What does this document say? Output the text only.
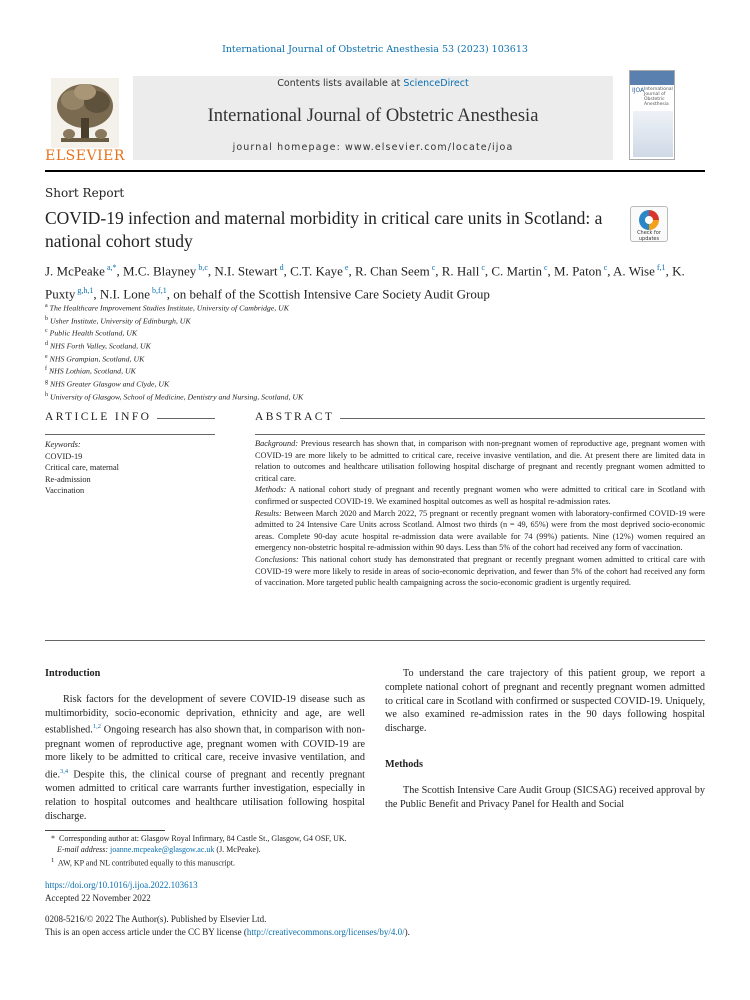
International Journal of Obstetric Anesthesia 53 (2023) 103613
ELSEVIER
Contents lists available at ScienceDirect
International Journal of Obstetric Anesthesia
journal homepage: www.elsevier.com/locate/ijoa
IJOA International Journal of Obstetric Anesthesia
Short Report
COVID-19 infection and maternal morbidity in critical care units in Scotland: a national cohort study	Check for updates
J. McPeake $^{a,*}$, M.C. Blayney $^{b,c}$, N.I. Stewart $^d$, C.T. Kaye $^e$, R. Chan Seem $^c$, R. Hall $^c$, C. Martin $^c$, M. Paton $^c$, A. Wise $^{f,1}$, K. Puxty $^{g,h,1}$, N.I. Lone $^{b,f,1}$, on behalf of the Scottish Intensive Care Society Audit Group
$^a$ The Healthcare Improvement Studies Institute, University of Cambridge, UK
$^b$ Usher Institute, University of Edinburgh, UK
$^c$ Public Health Scotland, UK
$^d$ NHS Forth Valley, Scotland, UK
$^e$ NHS Grampian, Scotland, UK
$^f$ NHS Lothian, Scotland, UK
$^g$ NHS Greater Glasgow and Clyde, UK
$^h$ University of Glasgow, School of Medicine, Dentistry and Nursing, Scotland, UK
ARTICLE INFO	ABSTRACT
Keywords:
COVID-19
Critical care, maternal
Re-admission
Vaccination

Background: Previous research has shown that, in comparison with non-pregnant women of reproductive age, pregnant women with COVID-19 are more likely to be admitted to critical care, receive invasive ventilation, and die. At present there are limited data in relation to outcomes and healthcare utilisation following hospital discharge of pregnant and recently pregnant women admitted to critical care.

Methods: A national cohort study of pregnant and recently pregnant women who were admitted to critical care in Scotland with confirmed or suspected COVID-19. We examined hospital outcomes as well as hospital re-admission rates.

Results: Between March 2020 and March 2022, 75 pregnant or recently pregnant women with laboratory-confirmed COVID-19 were admitted to 24 Intensive Care Units across Scotland. Almost two thirds (n = 49, 65%) were from the most deprived socio-economic areas. Complete 90-day acute hospital re-admission data were available for 74 (99%) patients. Nine (12%) women required an emergency non-obstetric hospital re-admission within 90 days. Less than 5% of the cohort had received any form of vaccination.

Conclusions: This national cohort study has demonstrated that pregnant or recently pregnant women admitted to critical care with COVID-19 were more likely to reside in areas of socio-economic deprivation, and fewer than 5% of the cohort had received any form of vaccination. More targeted public health campaigning across the socio-economic gradient is urgently required.

Introduction

Risk factors for the development of severe COVID-19 disease such as multimorbidity, socio-economic deprivation, ethnicity and age, are well established.$^{1,2}$ Ongoing research has also shown that, in comparison with non-pregnant women of reproductive age, pregnant women with COVID-19 are more likely to be admitted to critical care, receive invasive ventilation, and die.$^{3,4}$ Despite this, the clinical course of pregnant and recently pregnant women admitted to critical care warrants further investigation, especially in relation to hospital outcomes and healthcare utilisation following hospital discharge.

To understand the care trajectory of this patient group, we report a complete national cohort of pregnant and recently pregnant women admitted to critical care in Scotland with confirmed or suspected COVID-19. Uniquely, we also examined re-admission rates in the 90 days following hospital discharge.

Methods

The Scottish Intensive Care Audit Group (SICSAG) received approval by the Public Benefit and Privacy Panel for Health and Social

* Corresponding author at: Glasgow Royal Infirmary, 84 Castle St., Glasgow, G4 OSF, UK.
E-mail address: joanne.mcpeake@glasgow.ac.uk (J. McPeake).
$^1$ AW, KP and NL contributed equally to this manuscript.
https://doi.org/10.1016/j.ijoa.2022.103613
Accepted 22 November 2022
0208-5216/© 2022 The Author(s). Published by Elsevier Ltd.
This is an open access article under the CC BY license (http://creativecommons.org/licenses/by/4.0/).
